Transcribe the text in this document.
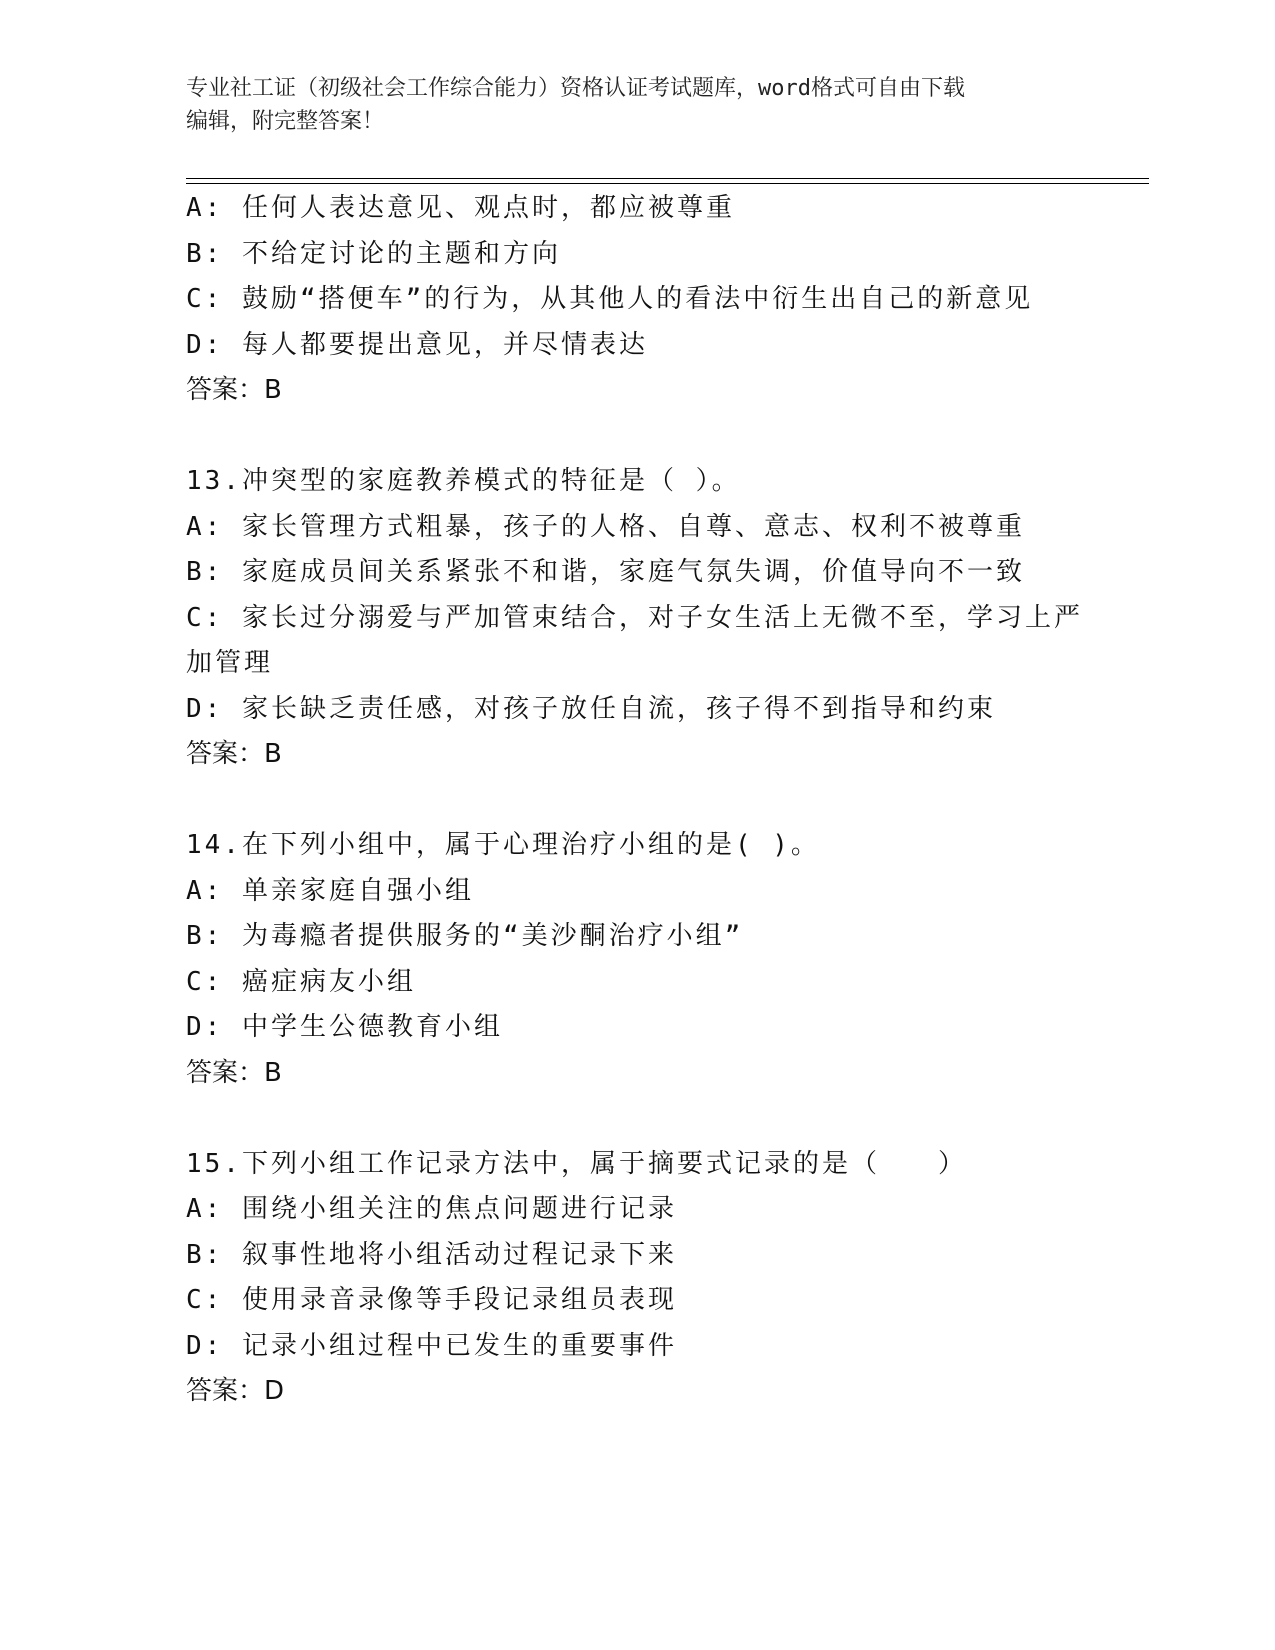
专业社工证（初级社会工作综合能力）资格认证考试题库，word格式可自由下载
编辑，附完整答案！
A: 任何人表达意见、观点时，都应被尊重
B: 不给定讨论的主题和方向
C: 鼓励“搭便车”的行为，从其他人的看法中衍生出自己的新意见
D: 每人都要提出意见，并尽情表达
答案：B
13.冲突型的家庭教养模式的特征是（ ）。
A: 家长管理方式粗暴，孩子的人格、自尊、意志、权利不被尊重
B: 家庭成员间关系紧张不和谐，家庭气氛失调，价值导向不一致
C: 家长过分溺爱与严加管束结合，对子女生活上无微不至，学习上严
加管理
D: 家长缺乏责任感，对孩子放任自流，孩子得不到指导和约束
答案：B
14.在下列小组中，属于心理治疗小组的是( )。
A: 单亲家庭自强小组
B: 为毒瘾者提供服务的“美沙酮治疗小组”
C: 癌症病友小组
D: 中学生公德教育小组
答案：B
15.下列小组工作记录方法中，属于摘要式记录的是（　　）
A: 围绕小组关注的焦点问题进行记录
B: 叙事性地将小组活动过程记录下来
C: 使用录音录像等手段记录组员表现
D: 记录小组过程中已发生的重要事件
答案：D
